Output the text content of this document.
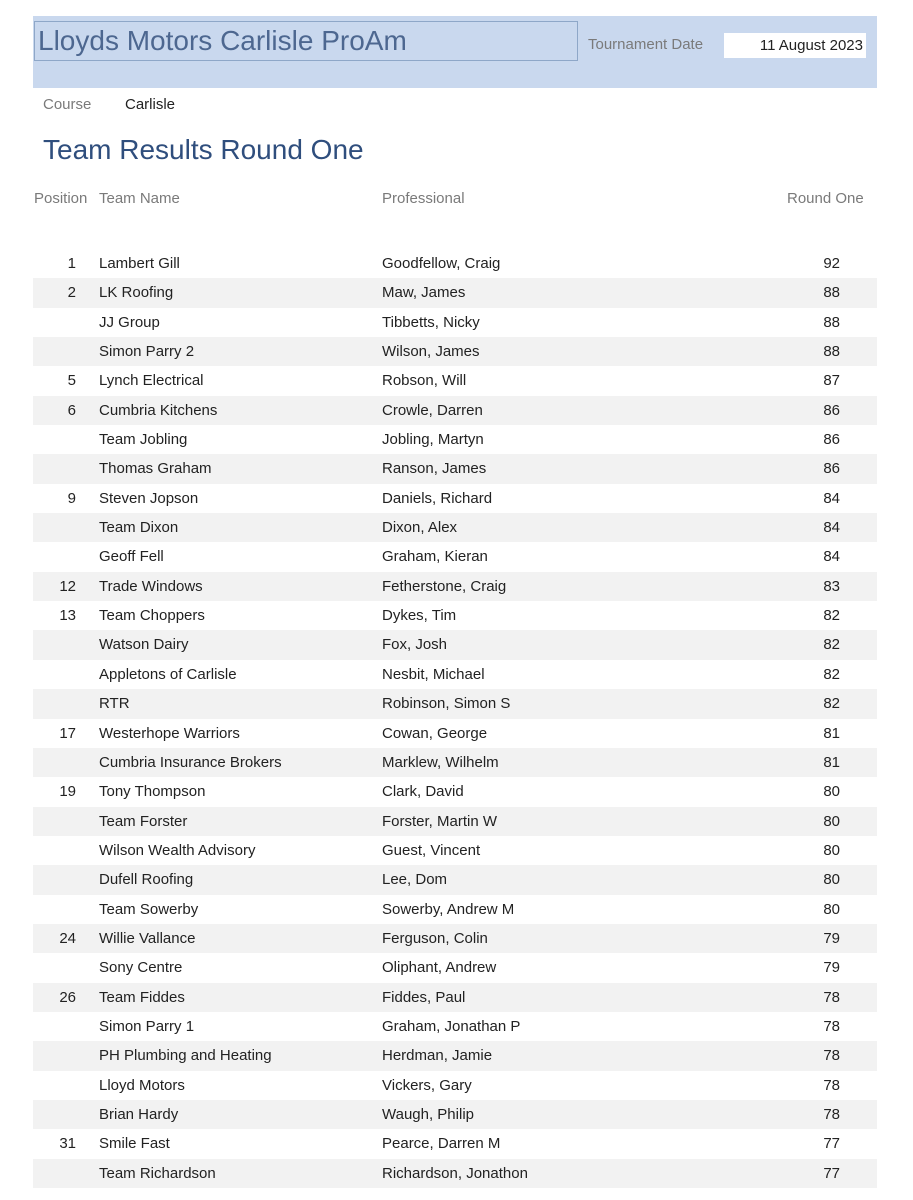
Lloyds Motors Carlisle ProAm	Tournament Date	11 August 2023
Course Carlisle
Team Results Round One
Position Team Name	Professional	Round One
1 Lambert Gill	Goodfellow, Craig	92
2 LK Roofing	Maw, James	88
JJ Group	Tibbetts, Nicky	88
Simon Parry 2	Wilson, James	88
5 Lynch Electrical	Robson, Will	87
6 Cumbria Kitchens	Crowle, Darren	86
Team Jobling	Jobling, Martyn	86
Thomas Graham	Ranson, James	86
9 Steven Jopson	Daniels, Richard	84
Team Dixon	Dixon, Alex	84
Geoff Fell	Graham, Kieran	84
12 Trade Windows	Fetherstone, Craig	83
13 Team Choppers	Dykes, Tim	82
Watson Dairy	Fox, Josh	82
Appletons of Carlisle	Nesbit, Michael	82
RTR	Robinson, Simon S	82
17 Westerhope Warriors	Cowan, George	81
Cumbria Insurance Brokers	Marklew, Wilhelm	81
19 Tony Thompson	Clark, David	80
Team Forster	Forster, Martin W	80
Wilson Wealth Advisory	Guest, Vincent	80
Dufell Roofing	Lee, Dom	80
Team Sowerby	Sowerby, Andrew M	80
24 Willie Vallance	Ferguson, Colin	79
Sony Centre	Oliphant, Andrew	79
26 Team Fiddes	Fiddes, Paul	78
Simon Parry 1	Graham, Jonathan P	78
PH Plumbing and Heating	Herdman, Jamie	78
Lloyd Motors	Vickers, Gary	78
Brian Hardy	Waugh, Philip	78
31 Smile Fast	Pearce, Darren M	77
Team Richardson	Richardson, Jonathon	77
